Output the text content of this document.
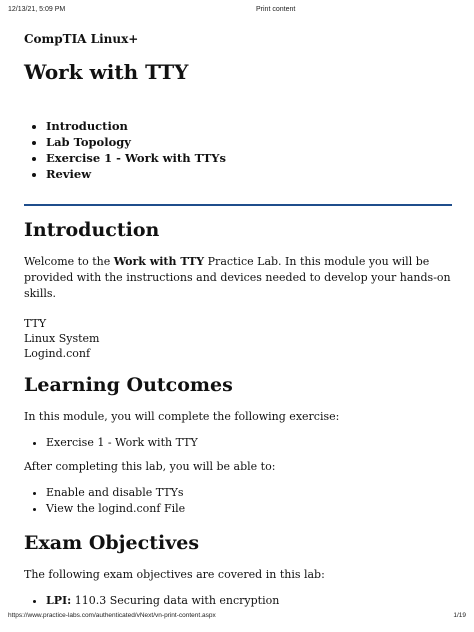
12/13/21, 5:09 PM	Print content
CompTIA Linux+
Work with TTY
• Introduction
• Lab Topology
• Exercise 1 - Work with TTYs
• Review
Introduction

Welcome to the Work with TTY Practice Lab. In this module you will be provided with the instructions and devices needed to develop your hands-on skills.

TTY
Linux System
Logind.conf
Learning Outcomes

In this module, you will complete the following exercise:

• Exercise 1 - Work with TTY

After completing this lab, you will be able to:

• Enable and disable TTYs
• View the logind.conf File
Exam Objectives

The following exam objectives are covered in this lab:

• LPI: 110.3 Securing data with encryption
https://www.practice-labs.com/authenticated/vNext/vn-print-content.aspx	1/19
